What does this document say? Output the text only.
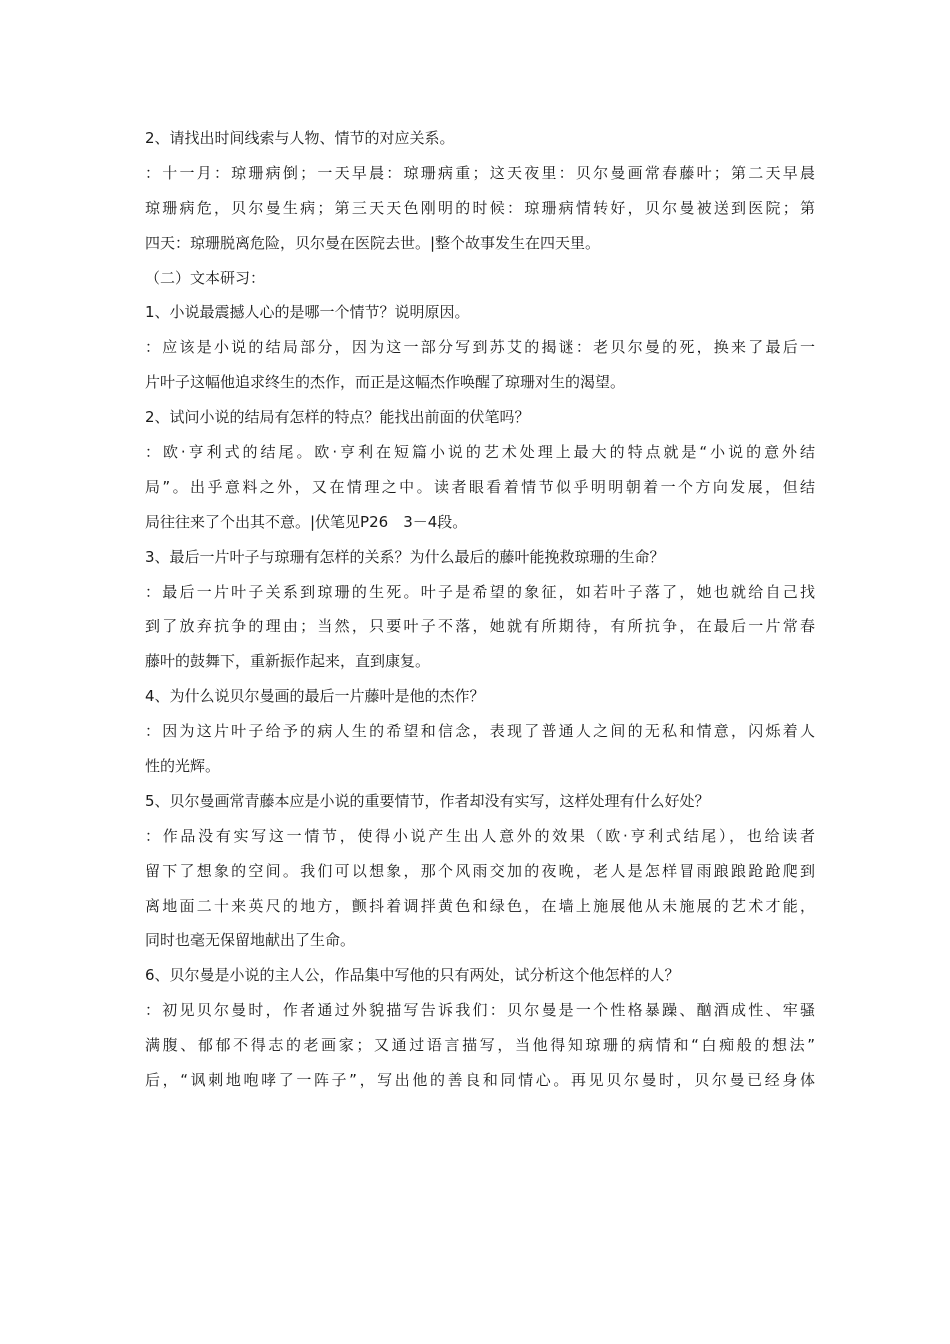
2、请找出时间线索与人物、情节的对应关系。
：十一月：琼珊病倒；一天早晨：琼珊病重；这天夜里：贝尔曼画常春藤叶；第二天早晨
琼珊病危，贝尔曼生病；第三天天色刚明的时候：琼珊病情转好，贝尔曼被送到医院；第
四天：琼珊脱离危险，贝尔曼在医院去世。|整个故事发生在四天里。
（二）文本研习：
1、小说最震撼人心的是哪一个情节？说明原因。
：应该是小说的结局部分，因为这一部分写到苏艾的揭谜：老贝尔曼的死，换来了最后一
片叶子这幅他追求终生的杰作，而正是这幅杰作唤醒了琼珊对生的渴望。
2、试问小说的结局有怎样的特点？能找出前面的伏笔吗？
：欧·亨利式的结尾。欧·亨利在短篇小说的艺术处理上最大的特点就是“小说的意外结
局”。出乎意料之外，又在情理之中。读者眼看着情节似乎明明朝着一个方向发展，但结
局往往来了个出其不意。|伏笔见P26　3－4段。
3、最后一片叶子与琼珊有怎样的关系？为什么最后的藤叶能挽救琼珊的生命？
：最后一片叶子关系到琼珊的生死。叶子是希望的象征，如若叶子落了，她也就给自己找
到了放弃抗争的理由；当然，只要叶子不落，她就有所期待，有所抗争，在最后一片常春
藤叶的鼓舞下，重新振作起来，直到康复。
4、为什么说贝尔曼画的最后一片藤叶是他的杰作？
：因为这片叶子给予的病人生的希望和信念，表现了普通人之间的无私和情意，闪烁着人
性的光辉。
5、贝尔曼画常青藤本应是小说的重要情节，作者却没有实写，这样处理有什么好处？
：作品没有实写这一情节，使得小说产生出人意外的效果（欧·亨利式结尾），也给读者
留下了想象的空间。我们可以想象，那个风雨交加的夜晚，老人是怎样冒雨踉踉跄跄爬到
离地面二十来英尺的地方，颤抖着调拌黄色和绿色，在墙上施展他从未施展的艺术才能，
同时也毫无保留地献出了生命。
6、贝尔曼是小说的主人公，作品集中写他的只有两处，试分析这个他怎样的人？
：初见贝尔曼时，作者通过外貌描写告诉我们：贝尔曼是一个性格暴躁、酗酒成性、牢骚
满腹、郁郁不得志的老画家；又通过语言描写，当他得知琼珊的病情和“白痴般的想法”
后，“讽刺地咆哮了一阵子”，写出他的善良和同情心。再见贝尔曼时，贝尔曼已经身体
